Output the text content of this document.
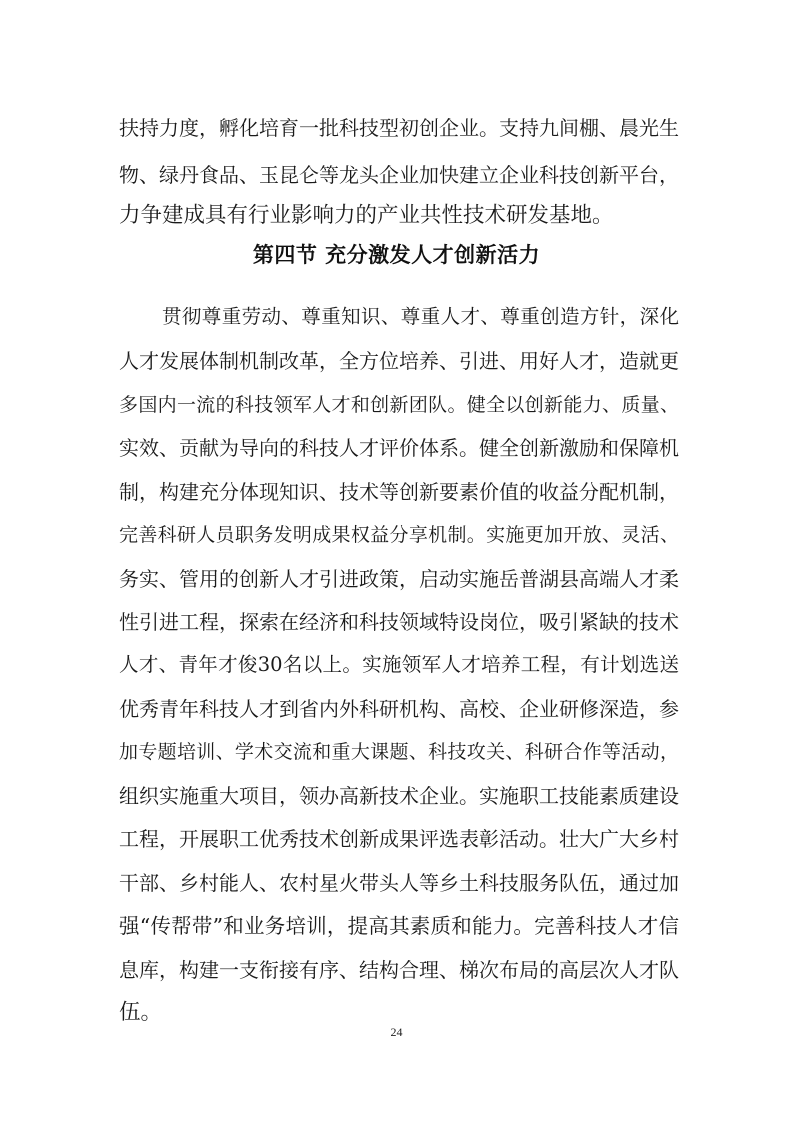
扶持力度，孵化培育一批科技型初创企业。支持九间棚、晨光生
物、绿丹食品、玉昆仑等龙头企业加快建立企业科技创新平台，
力争建成具有行业影响力的产业共性技术研发基地。
第四节 充分激发人才创新活力
贯彻尊重劳动、尊重知识、尊重人才、尊重创造方针，深化
人才发展体制机制改革，全方位培养、引进、用好人才，造就更
多国内一流的科技领军人才和创新团队。健全以创新能力、质量、
实效、贡献为导向的科技人才评价体系。健全创新激励和保障机
制，构建充分体现知识、技术等创新要素价值的收益分配机制，
完善科研人员职务发明成果权益分享机制。实施更加开放、灵活、
务实、管用的创新人才引进政策，启动实施岳普湖县高端人才柔
性引进工程，探索在经济和科技领域特设岗位，吸引紧缺的技术
人才、青年才俊30名以上。实施领军人才培养工程，有计划选送
优秀青年科技人才到省内外科研机构、高校、企业研修深造，参
加专题培训、学术交流和重大课题、科技攻关、科研合作等活动，
组织实施重大项目，领办高新技术企业。实施职工技能素质建设
工程，开展职工优秀技术创新成果评选表彰活动。壮大广大乡村
干部、乡村能人、农村星火带头人等乡土科技服务队伍，通过加
强“传帮带”和业务培训，提高其素质和能力。完善科技人才信
息库，构建一支衔接有序、结构合理、梯次布局的高层次人才队
伍。
24
